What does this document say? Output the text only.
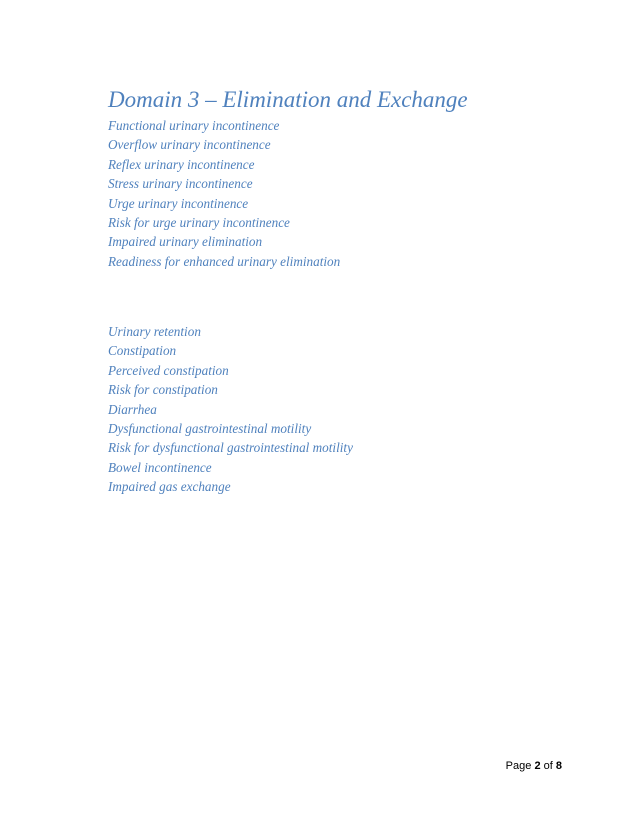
Domain 3 – Elimination and Exchange
Functional urinary incontinence
Overflow urinary incontinence
Reflex urinary incontinence
Stress urinary incontinence
Urge urinary incontinence
Risk for urge urinary incontinence
Impaired urinary elimination
Readiness for enhanced urinary elimination
Urinary retention
Constipation
Perceived constipation
Risk for constipation
Diarrhea
Dysfunctional gastrointestinal motility
Risk for dysfunctional gastrointestinal motility
Bowel incontinence
Impaired gas exchange
Page 2 of 8
